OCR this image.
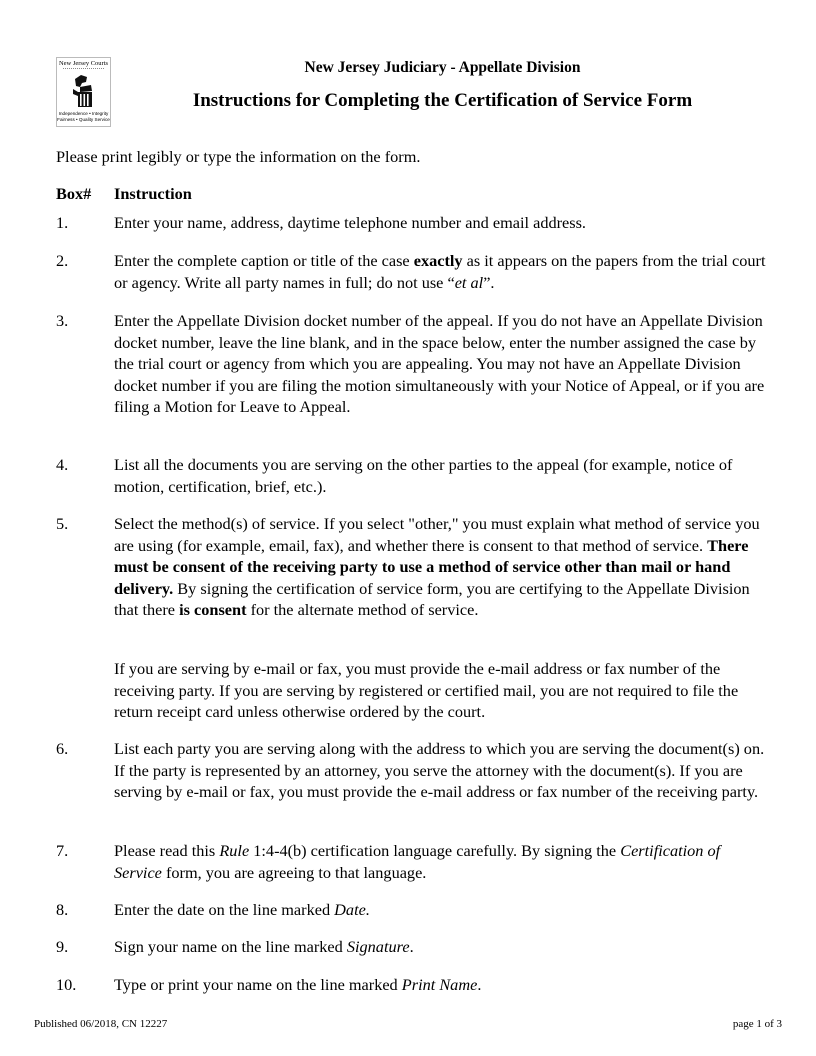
New Jersey Courts
Independence • Integrity
Fairness • Quality Service
New Jersey Judiciary - Appellate Division
Instructions for Completing the Certification of Service Form
Please print legibly or type the information on the form.
Box# Instruction
1.	Enter your name, address, daytime telephone number and email address.
2.	Enter the complete caption or title of the case exactly as it appears on the papers from the trial court or agency. Write all party names in full; do not use “et al”.
3.	Enter the Appellate Division docket number of the appeal. If you do not have an Appellate Division docket number, leave the line blank, and in the space below, enter the number assigned the case by the trial court or agency from which you are appealing. You may not have an Appellate Division docket number if you are filing the motion simultaneously with your Notice of Appeal, or if you are filing a Motion for Leave to Appeal.
4.	List all the documents you are serving on the other parties to the appeal (for example, notice of motion, certification, brief, etc.).
5.	Select the method(s) of service. If you select "other," you must explain what method of service you are using (for example, email, fax), and whether there is consent to that method of service. There must be consent of the receiving party to use a method of service other than mail or hand delivery. By signing the certification of service form, you are certifying to the Appellate Division that there is consent for the alternate method of service.
If you are serving by e-mail or fax, you must provide the e-mail address or fax number of the receiving party. If you are serving by registered or certified mail, you are not required to file the return receipt card unless otherwise ordered by the court.
6.	List each party you are serving along with the address to which you are serving the document(s) on. If the party is represented by an attorney, you serve the attorney with the document(s). If you are serving by e-mail or fax, you must provide the e-mail address or fax number of the receiving party.
7.	Please read this Rule 1:4-4(b) certification language carefully. By signing the Certification of Service form, you are agreeing to that language.
8.	Enter the date on the line marked Date.
9.	Sign your name on the line marked Signature.
10. Type or print your name on the line marked Print Name.
Published 06/2018, CN 12227	page 1 of 3
